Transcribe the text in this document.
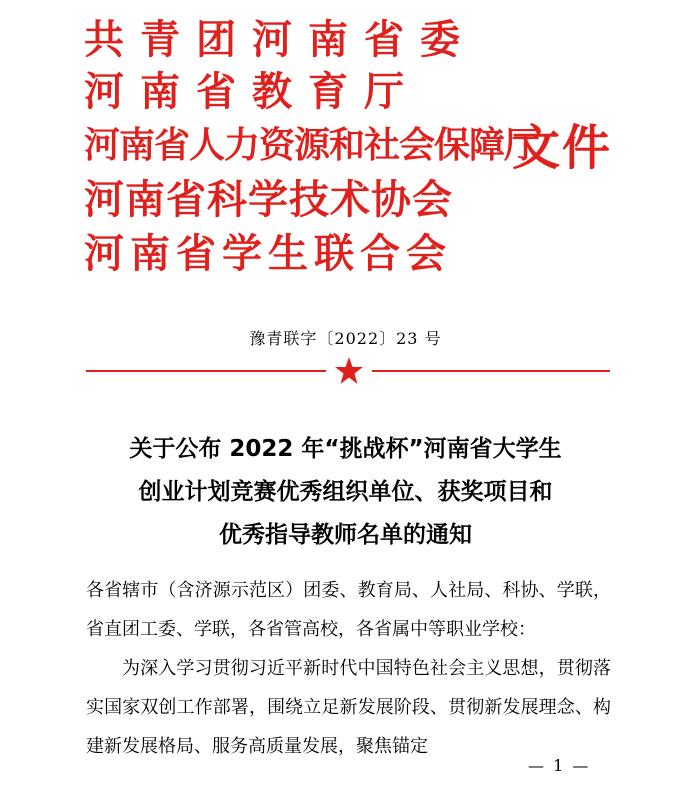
共青团河南省委
河南省教育厅
河南省人力资源和社会保障厅
河南省科学技术协会
河南省学生联合会
文件
豫青联字〔2022〕23 号
关于公布 2022 年“挑战杯”河南省大学生
创业计划竞赛优秀组织单位、获奖项目和
优秀指导教师名单的通知

各省辖市（含济源示范区）团委、教育局、人社局、科协、学联，省直团工委、学联，各省管高校，各省属中等职业学校：

为深入学习贯彻习近平新时代中国特色社会主义思想，贯彻落实国家双创工作部署，围绕立足新发展阶段、贯彻新发展理念、构建新发展格局、服务高质量发展，聚焦锚定

— 1 —
